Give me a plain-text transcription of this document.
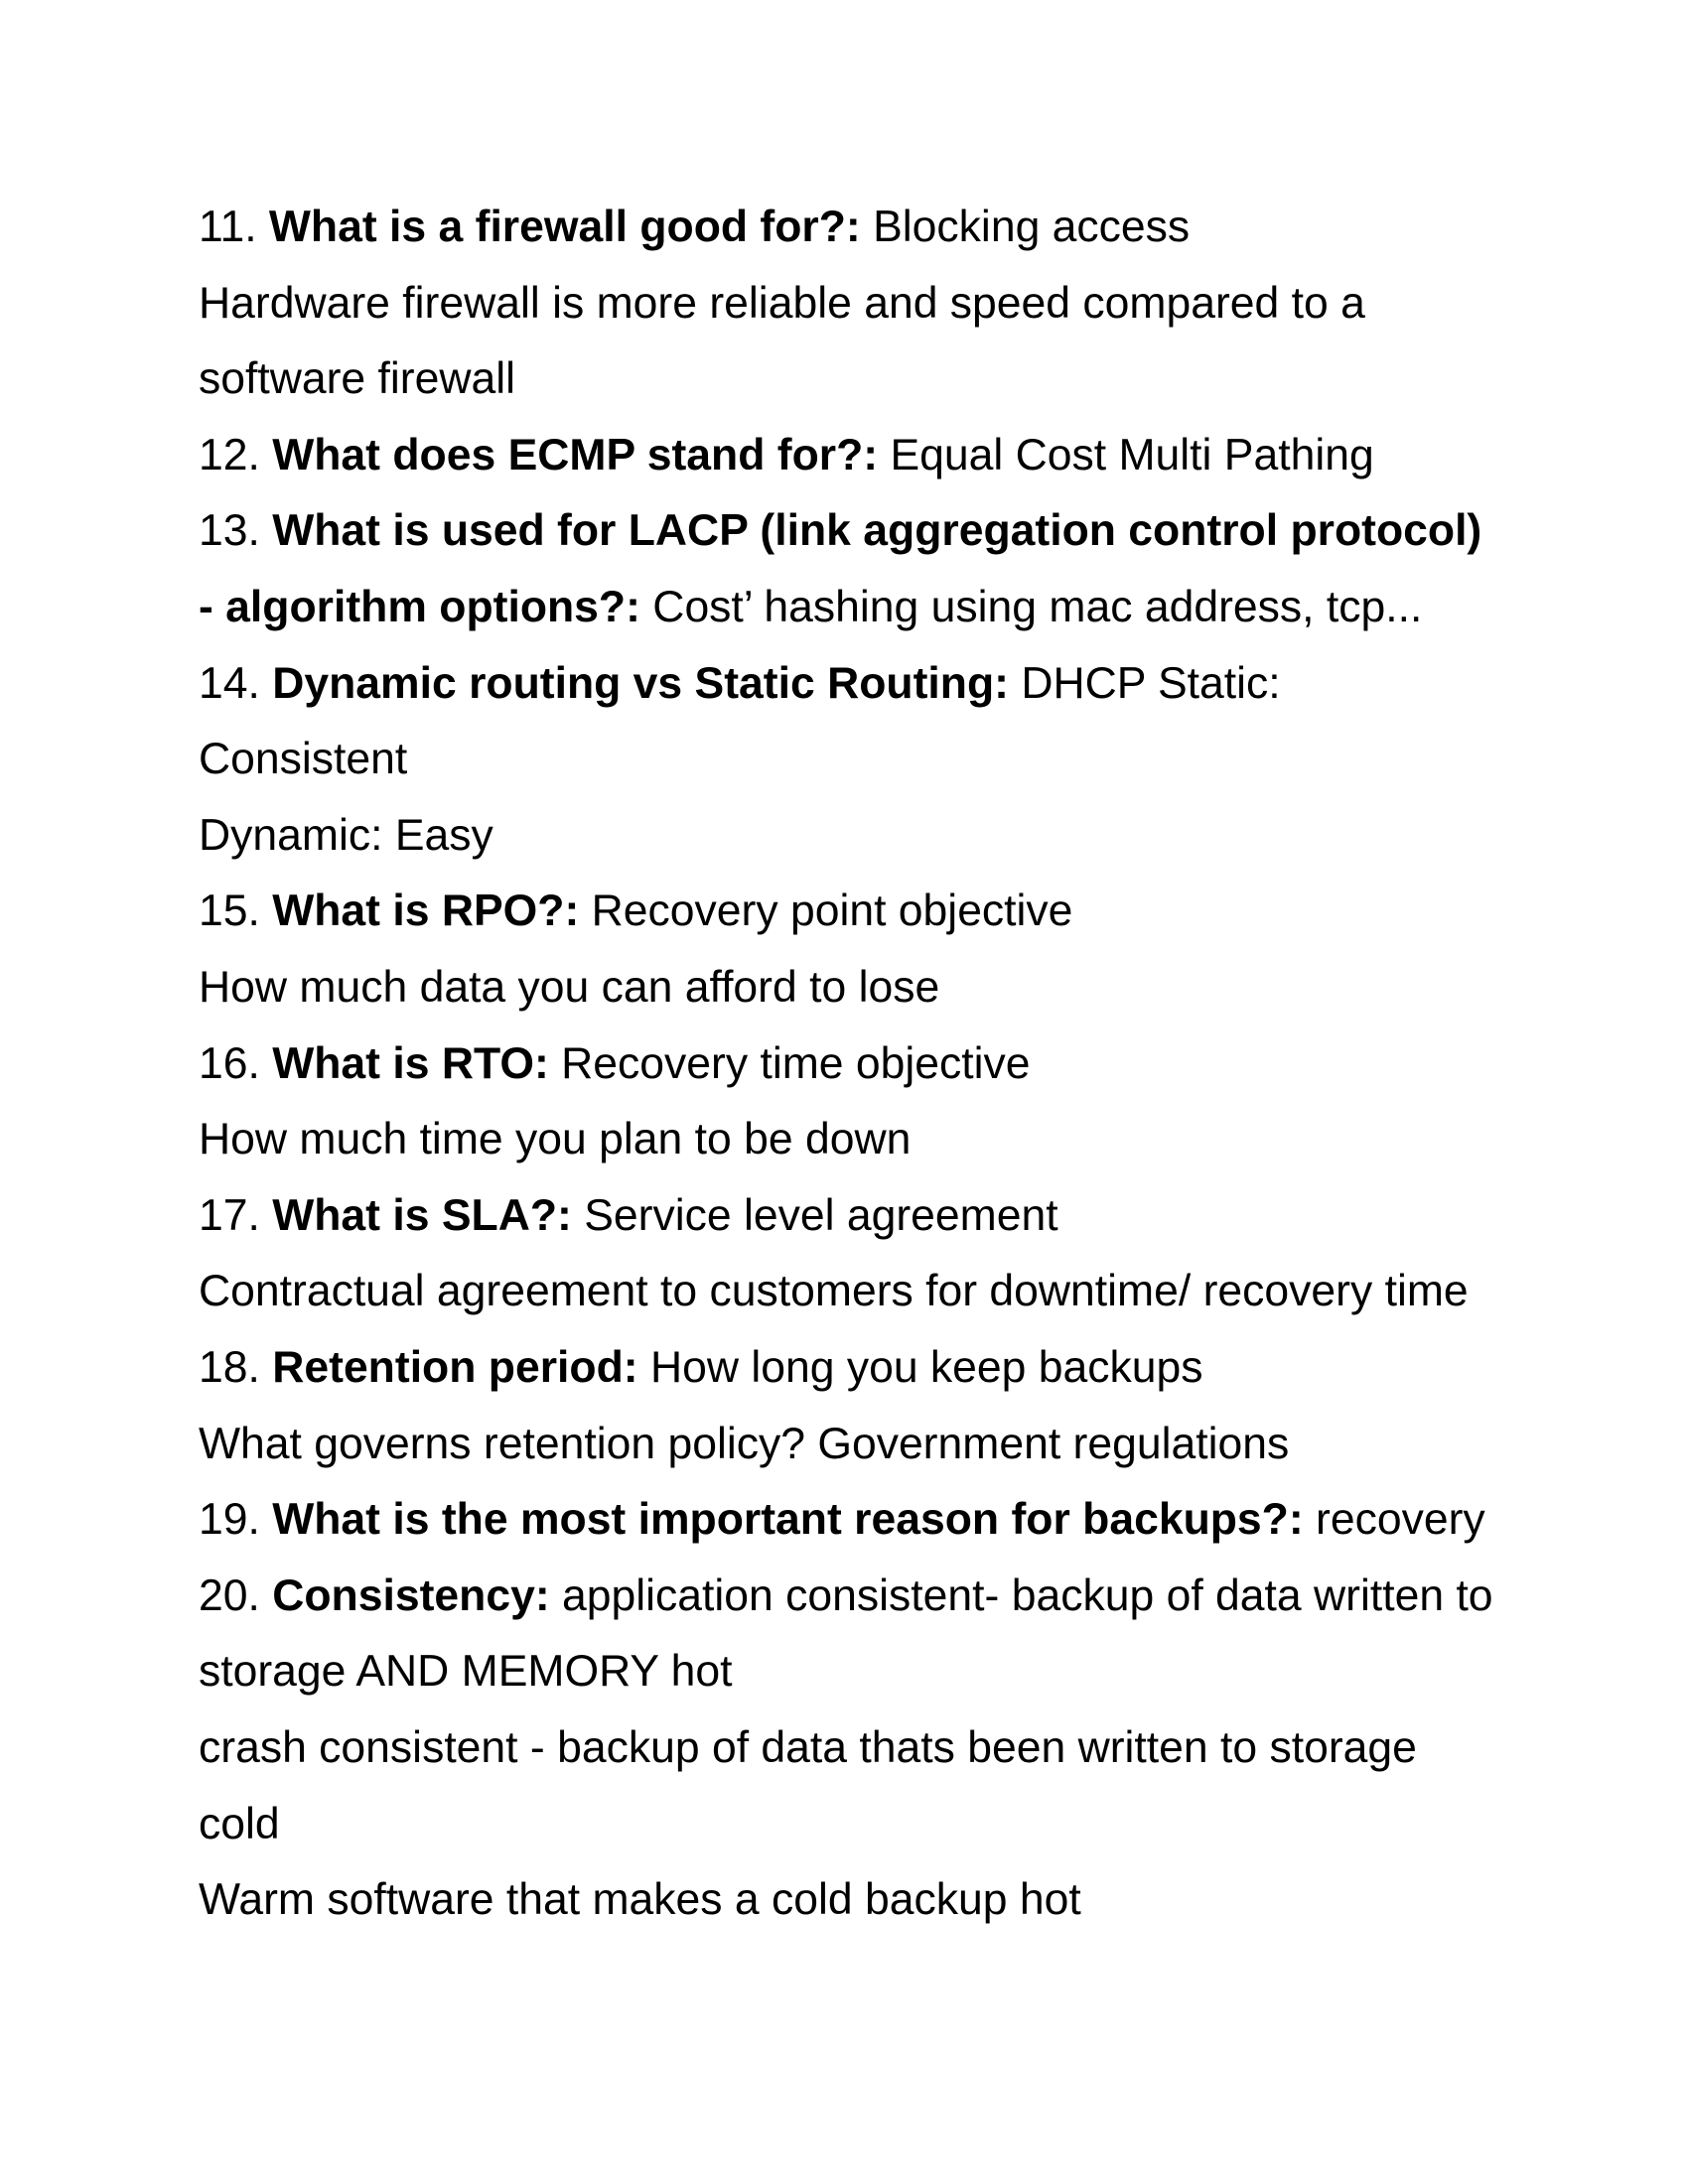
11. What is a firewall good for?: Blocking access
Hardware firewall is more reliable and speed compared to a
software firewall
12. What does ECMP stand for?: Equal Cost Multi Pathing
13. What is used for LACP (link aggregation control protocol)
- algorithm options?: Cost’ hashing using mac address, tcp...
14. Dynamic routing vs Static Routing: DHCP Static:
Consistent
Dynamic: Easy
15. What is RPO?: Recovery point objective
How much data you can afford to lose
16. What is RTO: Recovery time objective
How much time you plan to be down
17. What is SLA?: Service level agreement
Contractual agreement to customers for downtime/ recovery time
18. Retention period: How long you keep backups
What governs retention policy? Government regulations
19. What is the most important reason for backups?: recovery
20. Consistency: application consistent- backup of data written to
storage AND MEMORY hot
crash consistent - backup of data thats been written to storage
cold
Warm software that makes a cold backup hot
